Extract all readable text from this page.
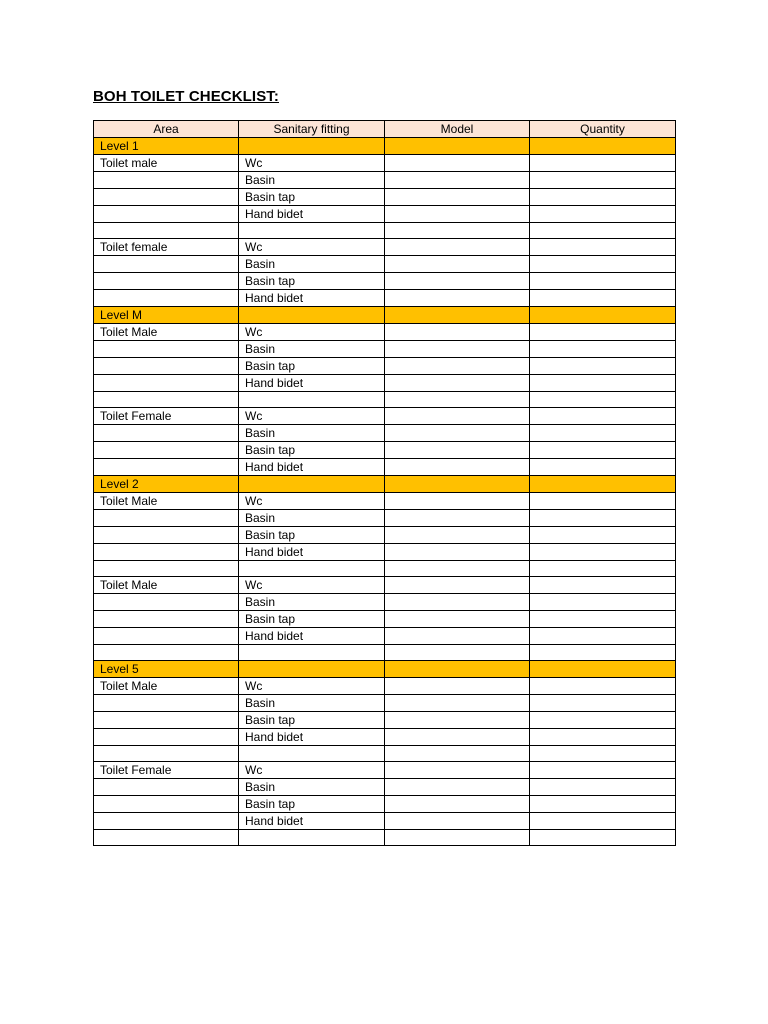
BOH TOILET CHECKLIST:
Area	Sanitary fitting	Model	Quantity
Level 1			
Toilet male	Wc		
	Basin		
	Basin tap		
	Hand bidet		

Toilet female	Wc		
	Basin		
	Basin tap		
	Hand bidet		
Level M			
Toilet Male	Wc		
	Basin		
	Basin tap		
	Hand bidet		

Toilet Female	Wc		
	Basin		
	Basin tap		
	Hand bidet		
Level 2			
Toilet Male	Wc		
	Basin		
	Basin tap		
	Hand bidet		

Toilet Male	Wc		
	Basin		
	Basin tap		
	Hand bidet		

Level 5			
Toilet Male	Wc		
	Basin		
	Basin tap		
	Hand bidet		

Toilet Female	Wc		
	Basin		
	Basin tap		
	Hand bidet		
